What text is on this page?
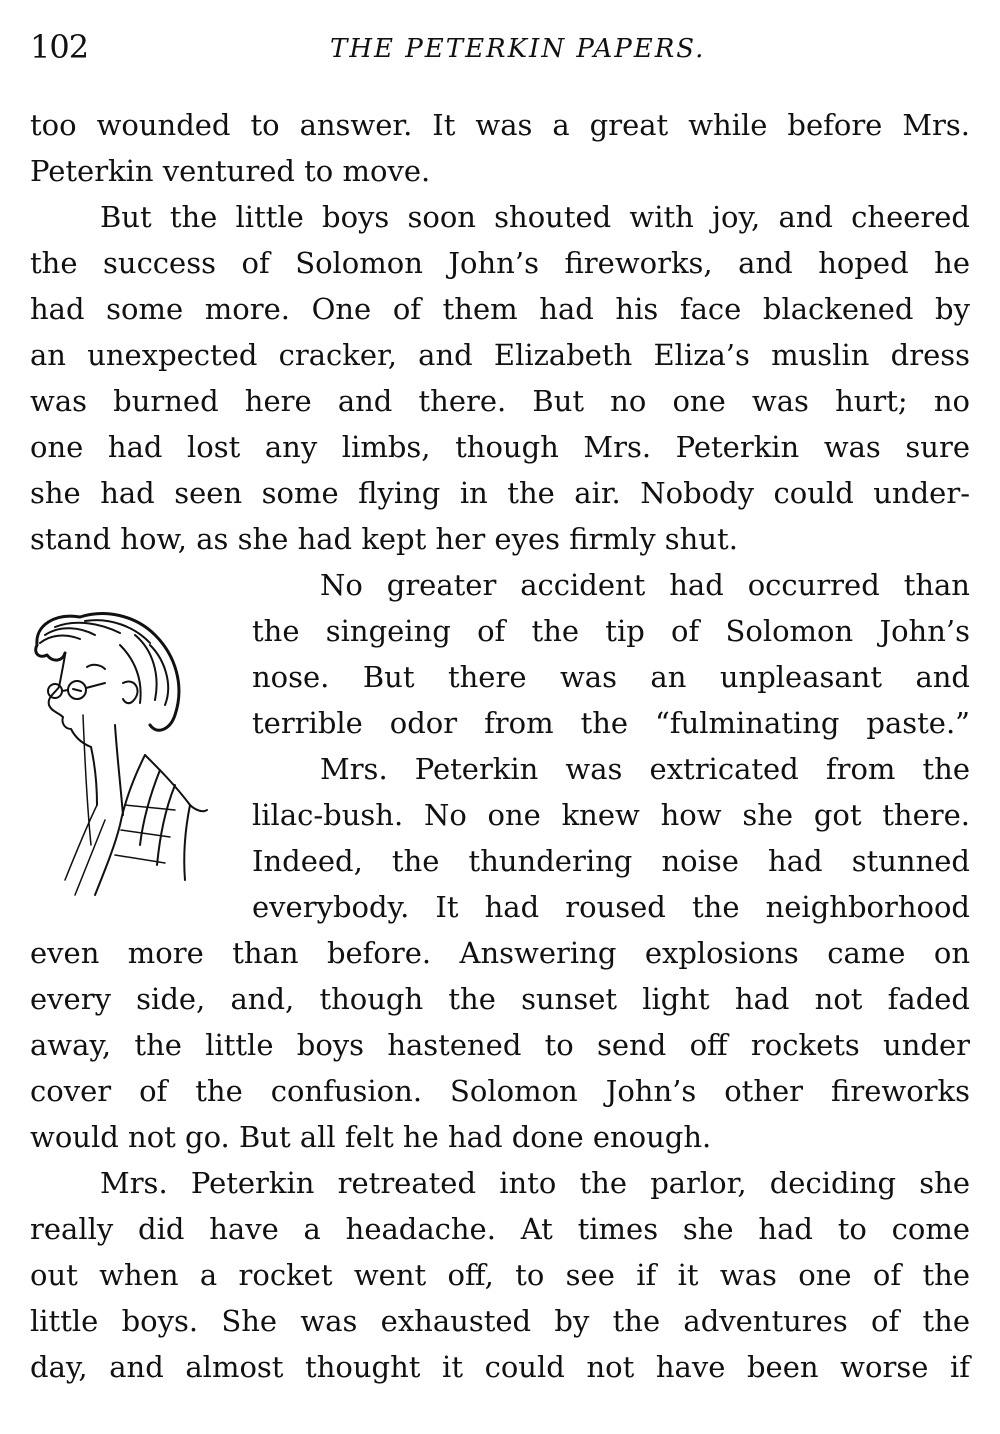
102	THE PETERKIN PAPERS.
too wounded to answer. It was a great while before Mrs.
Peterkin ventured to move.
But the little boys soon shouted with joy, and cheered
the success of Solomon John’s fireworks, and hoped he
had some more. One of them had his face blackened by
an unexpected cracker, and Elizabeth Eliza’s muslin dress
was burned here and there. But no one was hurt; no
one had lost any limbs, though Mrs. Peterkin was sure
she had seen some flying in the air. Nobody could under-
stand how, as she had kept her eyes firmly shut.
No greater accident had occurred than
the singeing of the tip of Solomon John’s
nose. But there was an unpleasant and
terrible odor from the “fulminating paste.”
Mrs. Peterkin was extricated from the
lilac-bush. No one knew how she got there.
Indeed, the thundering noise had stunned
everybody. It had roused the neighborhood
even more than before. Answering explosions came on
every side, and, though the sunset light had not faded
away, the little boys hastened to send off rockets under
cover of the confusion. Solomon John’s other fireworks
would not go. But all felt he had done enough.
Mrs. Peterkin retreated into the parlor, deciding she
really did have a headache. At times she had to come
out when a rocket went off, to see if it was one of the
little boys. She was exhausted by the adventures of the
day, and almost thought it could not have been worse if
